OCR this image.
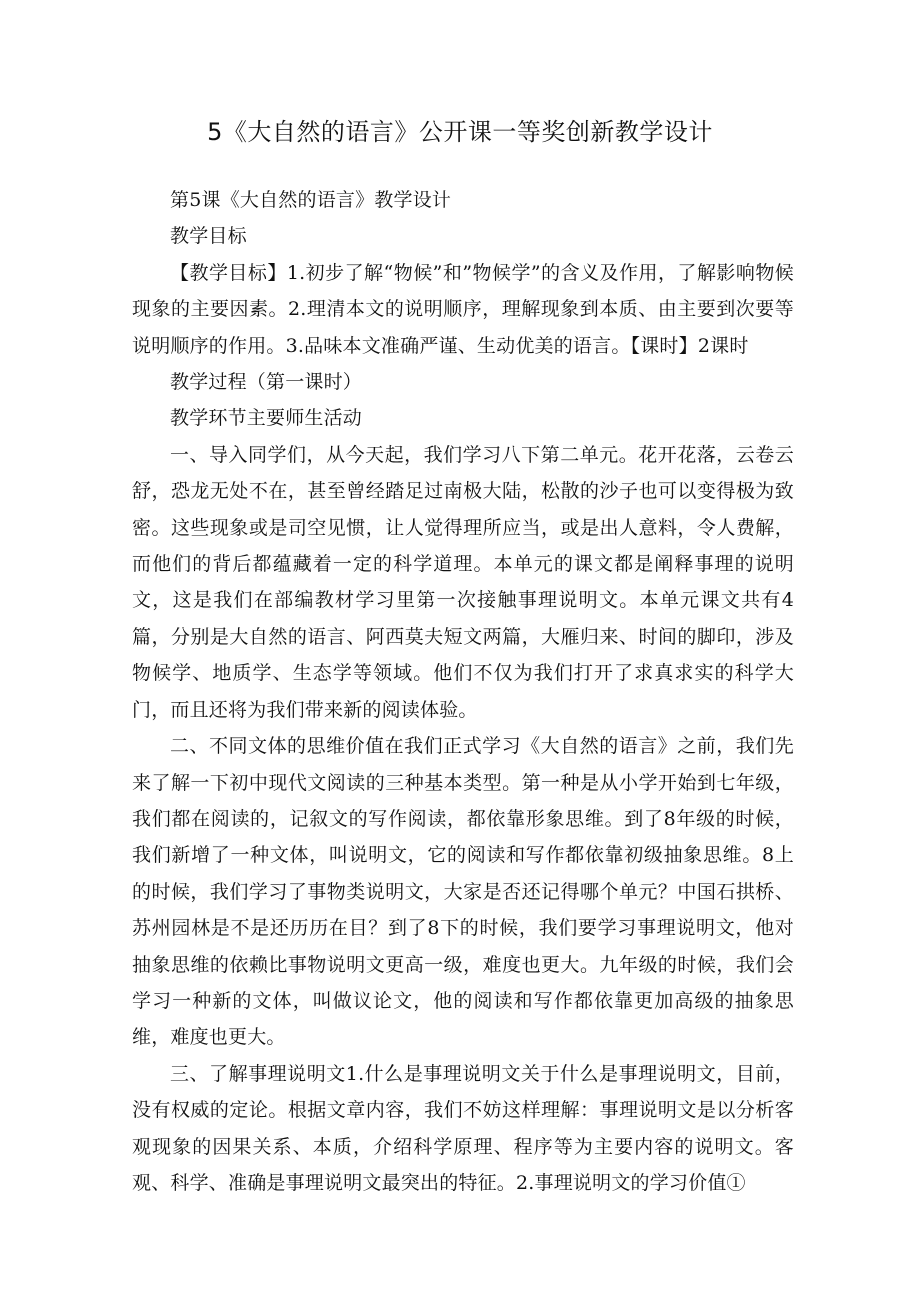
5《大自然的语言》公开课一等奖创新教学设计

第5课《大自然的语言》教学设计

教学目标

【教学目标】1.初步了解“物候”和”物候学”的含义及作用，了解影响物候现象的主要因素。2.理清本文的说明顺序，理解现象到本质、由主要到次要等说明顺序的作用。3.品味本文准确严谨、生动优美的语言。【课时】2课时

教学过程（第一课时）

教学环节主要师生活动

一、导入同学们，从今天起，我们学习八下第二单元。花开花落，云卷云舒，恐龙无处不在，甚至曾经踏足过南极大陆，松散的沙子也可以变得极为致密。这些现象或是司空见惯，让人觉得理所应当，或是出人意料，令人费解，而他们的背后都蕴藏着一定的科学道理。本单元的课文都是阐释事理的说明文，这是我们在部编教材学习里第一次接触事理说明文。本单元课文共有4篇，分别是大自然的语言、阿西莫夫短文两篇，大雁归来、时间的脚印，涉及物候学、地质学、生态学等领域。他们不仅为我们打开了求真求实的科学大门，而且还将为我们带来新的阅读体验。

二、不同文体的思维价值在我们正式学习《大自然的语言》之前，我们先来了解一下初中现代文阅读的三种基本类型。第一种是从小学开始到七年级，我们都在阅读的，记叙文的写作阅读，都依靠形象思维。到了8年级的时候，我们新增了一种文体，叫说明文，它的阅读和写作都依靠初级抽象思维。8上的时候，我们学习了事物类说明文，大家是否还记得哪个单元？中国石拱桥、苏州园林是不是还历历在目？到了8下的时候，我们要学习事理说明文，他对抽象思维的依赖比事物说明文更高一级，难度也更大。九年级的时候，我们会学习一种新的文体，叫做议论文，他的阅读和写作都依靠更加高级的抽象思维，难度也更大。

三、了解事理说明文1.什么是事理说明文关于什么是事理说明文，目前，没有权威的定论。根据文章内容，我们不妨这样理解：事理说明文是以分析客观现象的因果关系、本质，介绍科学原理、程序等为主要内容的说明文。客观、科学、准确是事理说明文最突出的特征。2.事理说明文的学习价值①
